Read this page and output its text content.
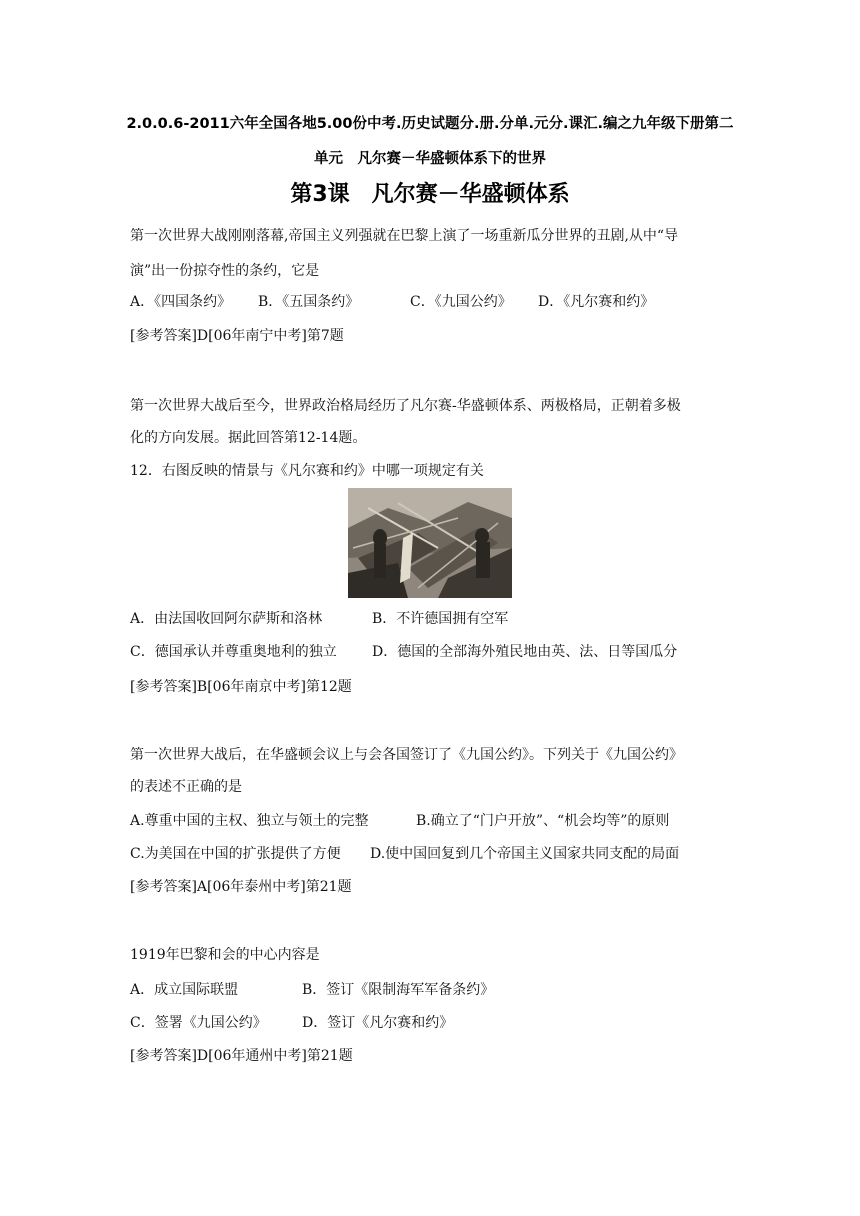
2.0.0.6-2011六年全国各地5.00份中考.历史试题分.册.分单.元分.课汇.编之九年级下册第二
单元　凡尔赛－华盛顿体系下的世界
第3课　凡尔赛－华盛顿体系
第一次世界大战刚刚落幕,帝国主义列强就在巴黎上演了一场重新瓜分世界的丑剧,从中“导
演”出一份掠夺性的条约，它是
A．《四国条约》 B．《五国条约》	C．《九国公约》 D．《凡尔赛和约》
[参考答案]D[06年南宁中考]第7题
第一次世界大战后至今，世界政治格局经历了凡尔赛-华盛顿体系、两极格局，正朝着多极
化的方向发展。据此回答第12-14题。
12．右图反映的情景与《凡尔赛和约》中哪一项规定有关
A．由法国收回阿尔萨斯和洛林	B．不许德国拥有空军
C．德国承认并尊重奥地利的独立	D．德国的全部海外殖民地由英、法、日等国瓜分
[参考答案]B[06年南京中考]第12题
第一次世界大战后，在华盛顿会议上与会各国签订了《九国公约》。下列关于《九国公约》
的表述不正确的是
A.尊重中国的主权、独立与领土的完整	B.确立了“门户开放”、“机会均等”的原则
C.为美国在中国的扩张提供了方便 D.使中国回复到几个帝国主义国家共同支配的局面
[参考答案]A[06年泰州中考]第21题
1919年巴黎和会的中心内容是
A．成立国际联盟	B．签订《限制海军军备条约》
C．签署《九国公约》	D．签订《凡尔赛和约》
[参考答案]D[06年通州中考]第21题
